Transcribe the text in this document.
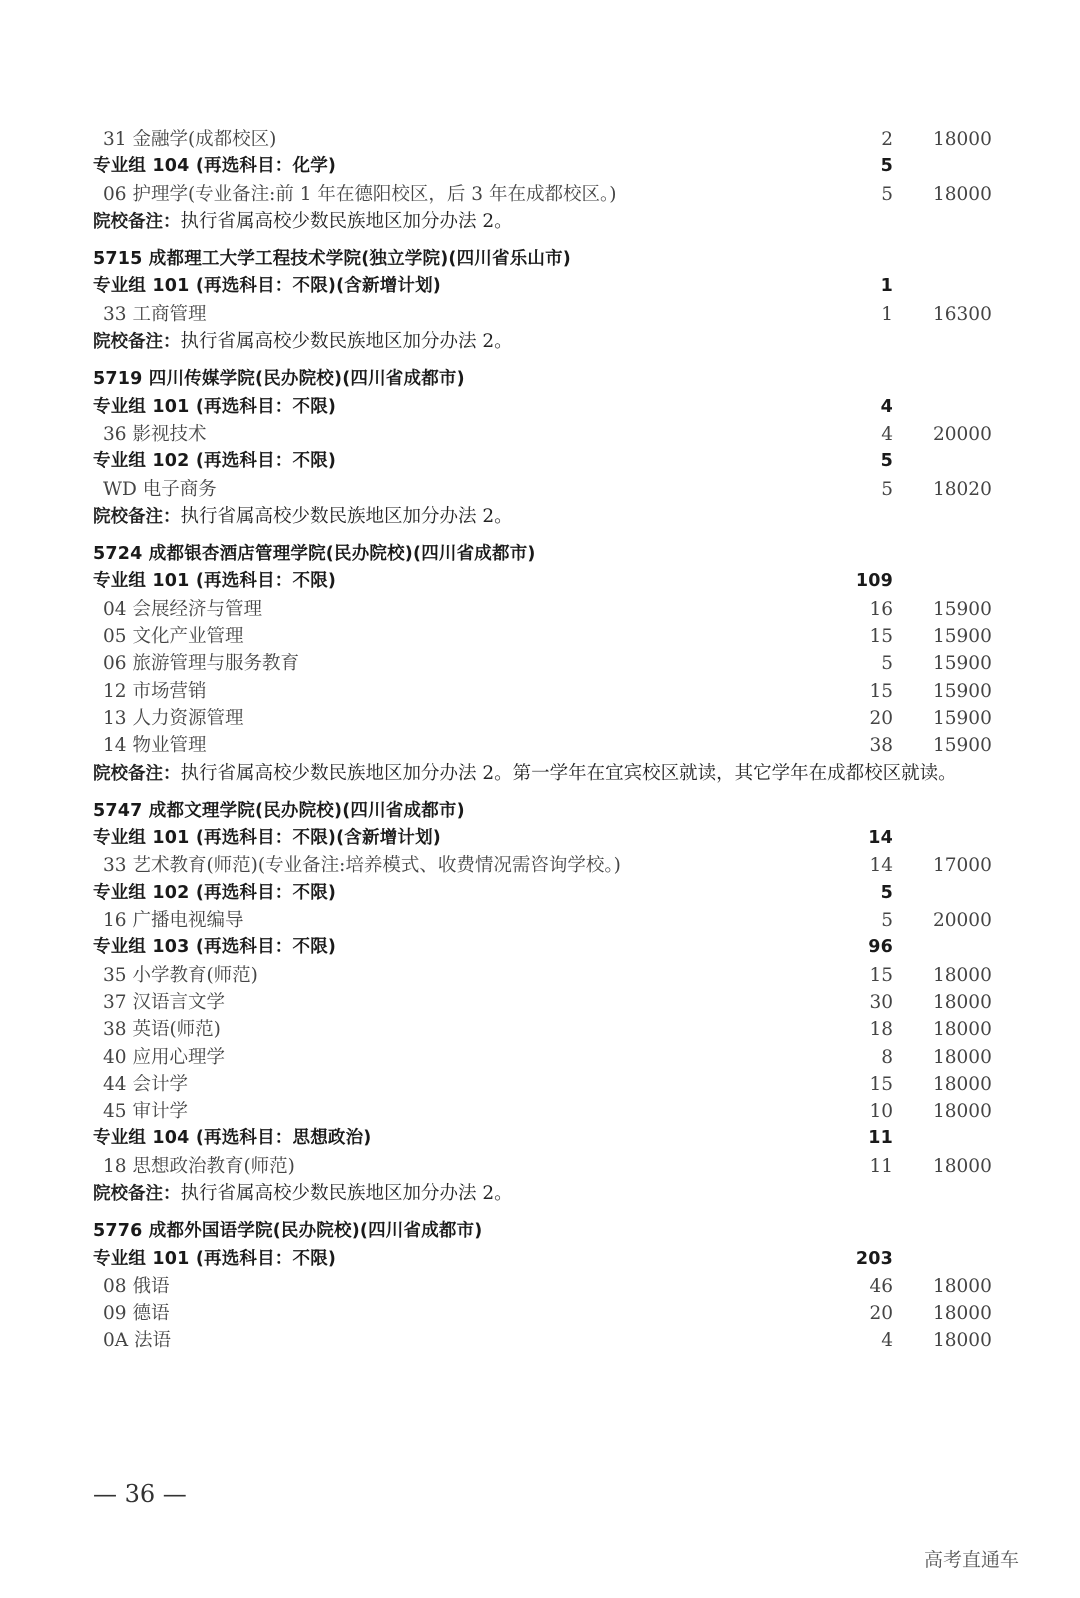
31 金融学(成都校区)	2 18000
专业组 104 (再选科目：化学)	5
06 护理学(专业备注:前 1 年在德阳校区，后 3 年在成都校区。)	5 18000
院校备注：执行省属高校少数民族地区加分办法 2。
5715 成都理工大学工程技术学院(独立学院)(四川省乐山市)
专业组 101 (再选科目：不限)(含新增计划)	1
33 工商管理	1 16300
院校备注：执行省属高校少数民族地区加分办法 2。
5719 四川传媒学院(民办院校)(四川省成都市)
专业组 101 (再选科目：不限)	4
36 影视技术	4 20000
专业组 102 (再选科目：不限)	5
WD 电子商务	5 18020
院校备注：执行省属高校少数民族地区加分办法 2。
5724 成都银杏酒店管理学院(民办院校)(四川省成都市)
专业组 101 (再选科目：不限)	109
04 会展经济与管理	16 15900
05 文化产业管理	15 15900
06 旅游管理与服务教育	5 15900
12 市场营销	15 15900
13 人力资源管理	20 15900
14 物业管理	38 15900
院校备注：执行省属高校少数民族地区加分办法 2。第一学年在宜宾校区就读，其它学年在成都校区就读。
5747 成都文理学院(民办院校)(四川省成都市)
专业组 101 (再选科目：不限)(含新增计划)	14
33 艺术教育(师范)(专业备注:培养模式、收费情况需咨询学校。)	14 17000
专业组 102 (再选科目：不限)	5
16 广播电视编导	5 20000
专业组 103 (再选科目：不限)	96
35 小学教育(师范)	15 18000
37 汉语言文学	30 18000
38 英语(师范)	18 18000
40 应用心理学	8 18000
44 会计学	15 18000
45 审计学	10 18000
专业组 104 (再选科目：思想政治)	11
18 思想政治教育(师范)	11 18000
院校备注：执行省属高校少数民族地区加分办法 2。
5776 成都外国语学院(民办院校)(四川省成都市)
专业组 101 (再选科目：不限)	203
08 俄语	46 18000
09 德语	20 18000
0A 法语	4 18000
— 36 —
高考直通车
